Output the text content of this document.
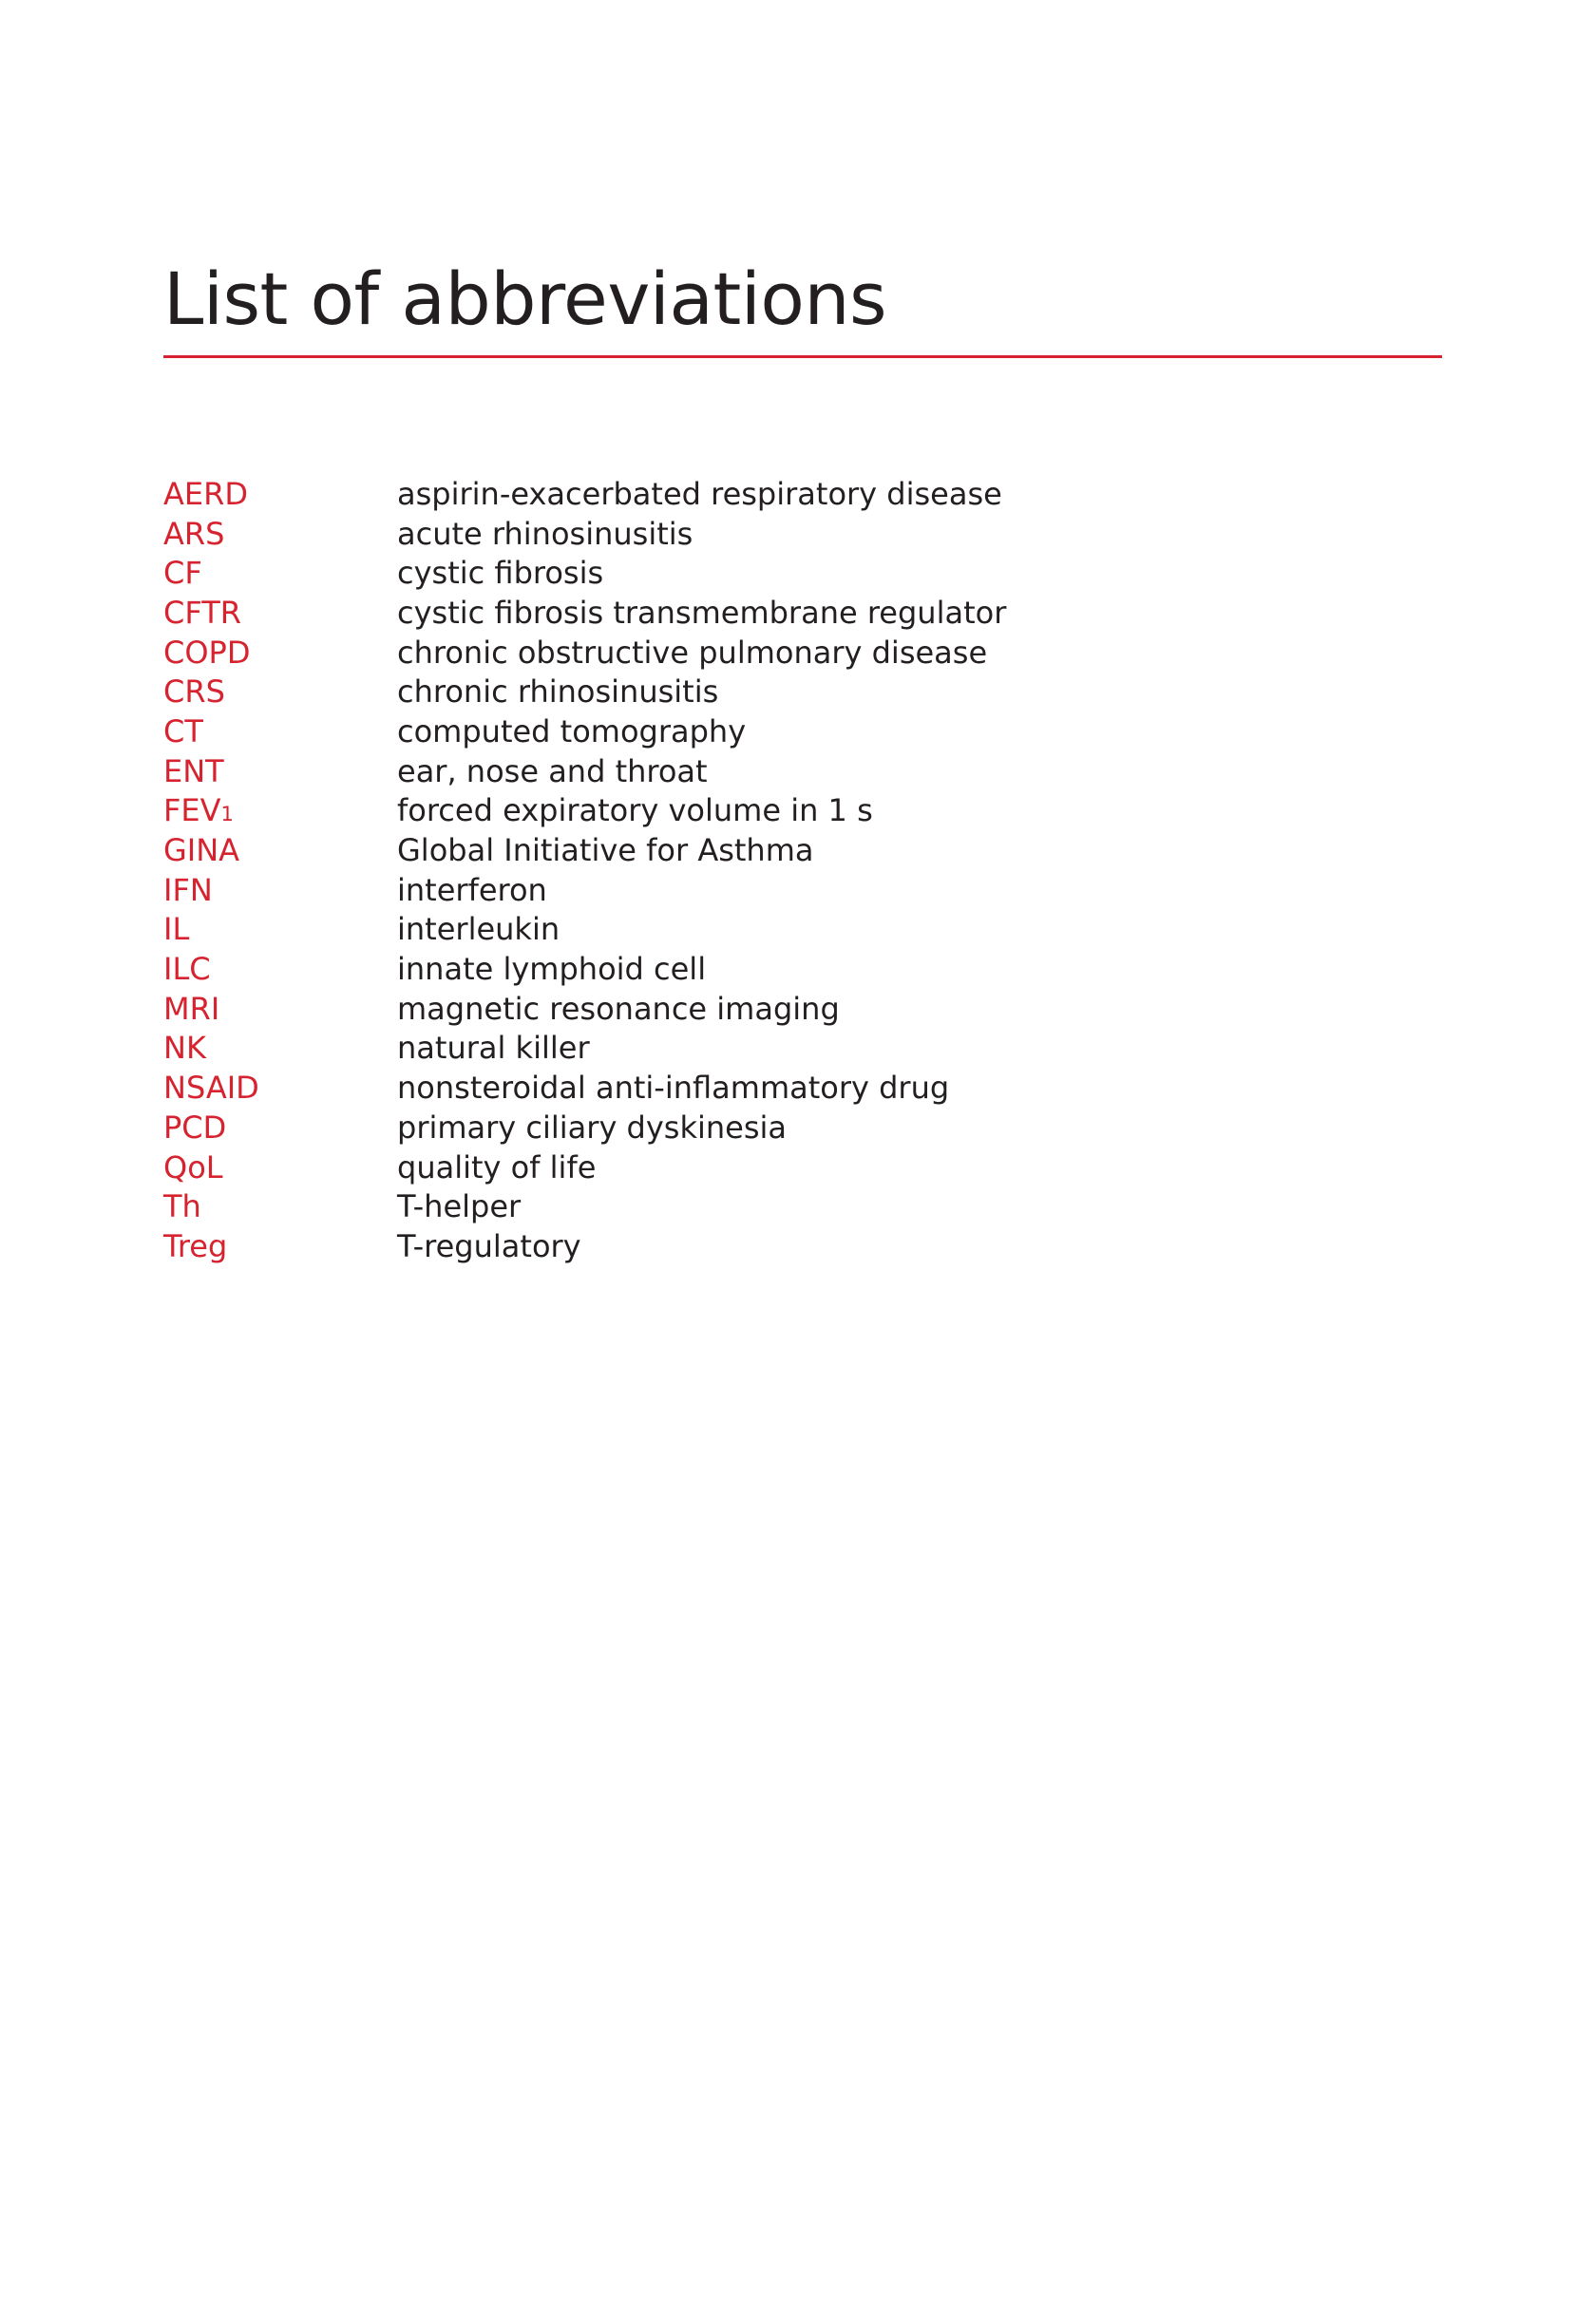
List of abbreviations
AERD	aspirin-exacerbated respiratory disease
ARS	acute rhinosinusitis
CF	cystic fibrosis
CFTR	cystic fibrosis transmembrane regulator
COPD	chronic obstructive pulmonary disease
CRS	chronic rhinosinusitis
CT	computed tomography
ENT	ear, nose and throat
FEV1	forced expiratory volume in 1 s
GINA	Global Initiative for Asthma
IFN	interferon
IL	interleukin
ILC	innate lymphoid cell
MRI	magnetic resonance imaging
NK	natural killer
NSAID	nonsteroidal anti-inflammatory drug
PCD	primary ciliary dyskinesia
QoL	quality of life
Th	T-helper
Treg	T-regulatory
